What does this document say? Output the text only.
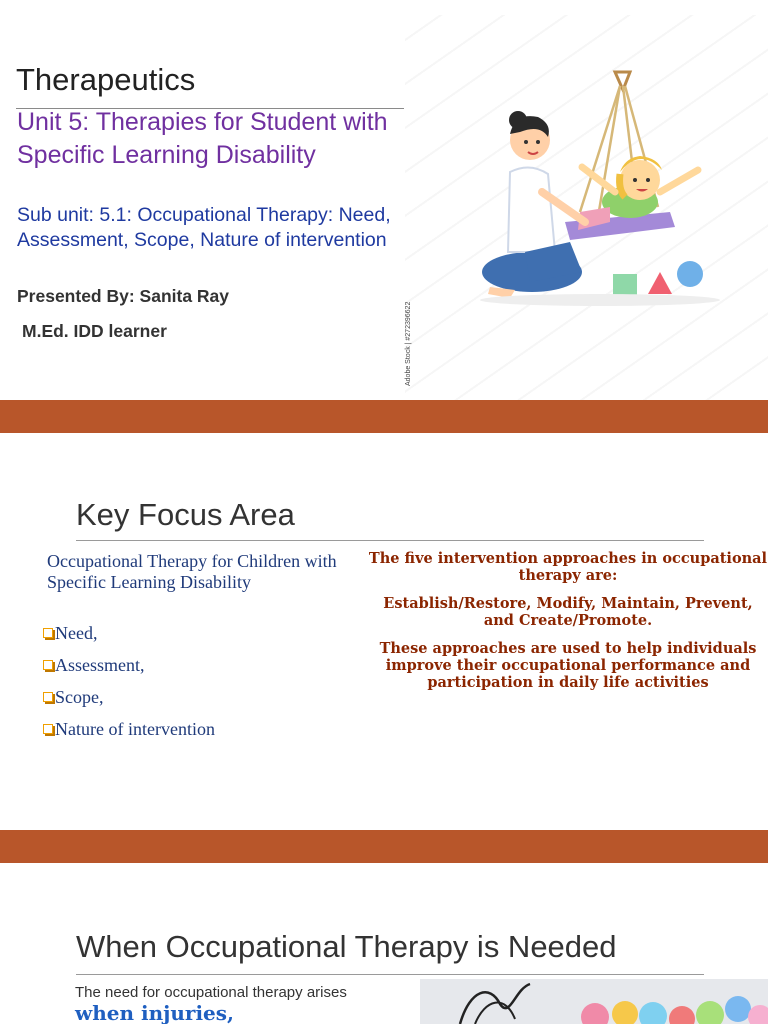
Therapeutics
Unit 5: Therapies for Student with Specific Learning Disability
Sub unit: 5.1: Occupational Therapy: Need, Assessment, Scope, Nature of intervention
Presented By: Sanita Ray
M.Ed. IDD learner	Adobe Stock | #272396622
Key Focus Area
Occupational Therapy for Children with Specific Learning Disability
Need,
Assessment,
Scope,
Nature of intervention

The five intervention approaches in occupational therapy are:

Establish/Restore, Modify, Maintain, Prevent, and Create/Promote.

These approaches are used to help individuals improve their occupational performance and participation in daily life activities

When Occupational Therapy is Needed
The need for occupational therapy arises when injuries,
